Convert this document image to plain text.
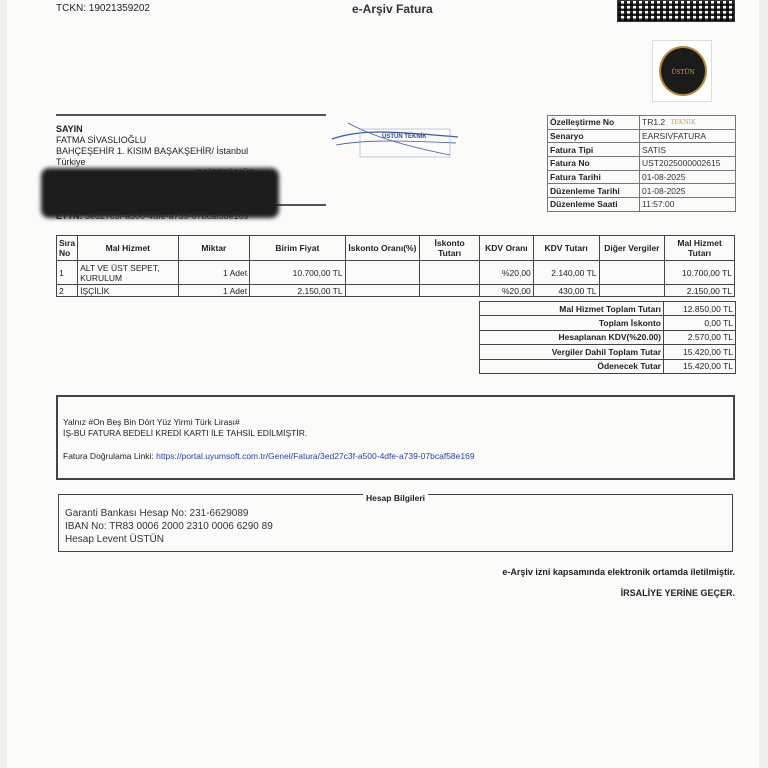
TCKN: 19021359202	e-Arşiv Fatura
ÜSTÜN TEKNİK
SAYIN
FATMA SİVASLIOĞLU
BAHÇEŞEHİR 1. KISIM BAŞAKŞEHİR/ İstanbul
Türkiye
ETTN: 3ed27c3f-a500-4dfe-a739-07bcaf58e169
ÜSTÜN TEKNİK
Özelleştirme No	TR1.2
Senaryo	EARSIVFATURA
Fatura Tipi	SATIS
Fatura No	UST2025000002615
Fatura Tarihi	01-08-2025
Düzenleme Tarihi	01-08-2025
Düzenleme Saati	11:57:00
Sıra No	Mal Hizmet	Miktar	Birim Fiyat	İskonto Oranı(%)	İskonto Tutarı	KDV Oranı	KDV Tutarı	Diğer Vergiler	Mal Hizmet Tutarı
1	ALT VE ÜST SEPET, KURULUM	1 Adet	10.700,00 TL			%20,00	2.140,00 TL		10.700,00 TL
2	İŞÇİLİK	1 Adet	2.150,00 TL			%20,00	430,00 TL		2.150,00 TL
Mal Hizmet Toplam Tutarı	12.850,00 TL
Toplam İskonto	0,00 TL
Hesaplanan KDV(%20.00)	2.570,00 TL
Vergiler Dahil Toplam Tutar	15.420,00 TL
Ödenecek Tutar	15.420,00 TL
Yalnız #On Beş Bin Dört Yüz Yirmi Türk Lirası#
İŞ-BU FATURA BEDELİ KREDİ KARTI İLE TAHSİL EDİLMİŞTİR.
Fatura Doğrulama Linki: https://portal.uyumsoft.com.tr/Genel/Fatura/3ed27c3f-a500-4dfe-a739-07bcaf58e169
Hesap Bilgileri
Garanti Bankası Hesap No: 231-6629089
IBAN No: TR83 0006 2000 2310 0006 6290 89
Hesap Levent ÜSTÜN
e-Arşiv izni kapsamında elektronik ortamda iletilmiştir.
İRSALİYE YERİNE GEÇER.
